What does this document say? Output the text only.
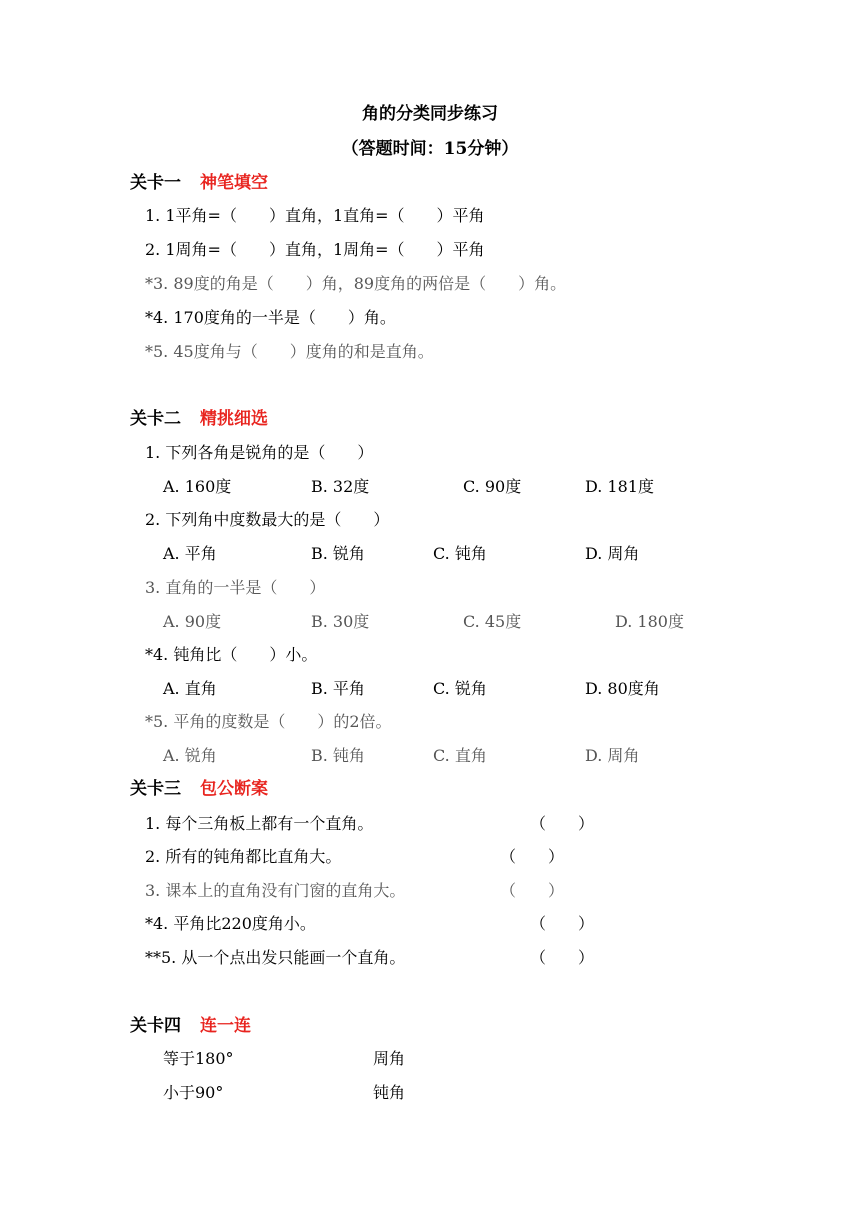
角的分类同步练习
（答题时间：15分钟）
关卡一 神笔填空
1. 1平角=（　　）直角，1直角=（　　）平角
2. 1周角=（　　）直角，1周角=（　　）平角
*3. 89度的角是（　　）角，89度角的两倍是（　　）角。
*4. 170度角的一半是（　　）角。
*5. 45度角与（　　）度角的和是直角。
关卡二 精挑细选
1. 下列各角是锐角的是（　　）
A. 160度	B. 32度	C. 90度	D. 181度
2. 下列角中度数最大的是（　　）
A. 平角	B. 锐角	C. 钝角	D. 周角
3. 直角的一半是（　　）
A. 90度	B. 30度	C. 45度	D. 180度
*4. 钝角比（　　）小。
A. 直角	B. 平角	C. 锐角	D. 80度角
*5. 平角的度数是（　　）的2倍。
A. 锐角	B. 钝角	C. 直角	D. 周角
关卡三 包公断案
1. 每个三角板上都有一个直角。	（　　）
2. 所有的钝角都比直角大。	（　　）
3. 课本上的直角没有门窗的直角大。	（　　）
*4. 平角比220度角小。	（　　）
**5. 从一个点出发只能画一个直角。	（　　）
关卡四 连一连
等于180°	周角
小于90°	钝角
